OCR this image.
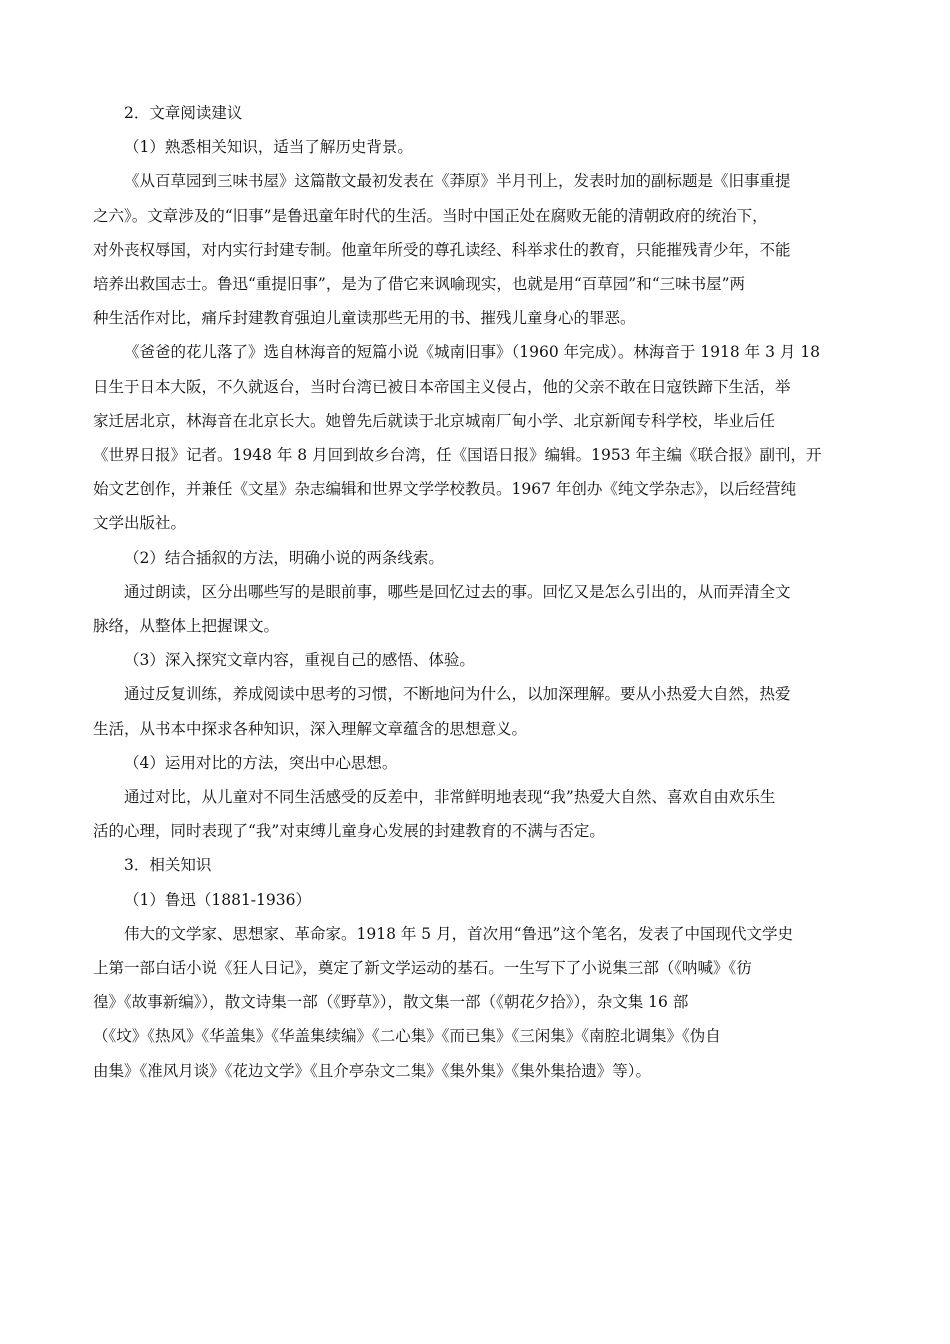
2．文章阅读建议
（1）熟悉相关知识，适当了解历史背景。
《从百草园到三味书屋》这篇散文最初发表在《莽原》半月刊上，发表时加的副标题是《旧事重提
之六》。文章涉及的“旧事”是鲁迅童年时代的生活。当时中国正处在腐败无能的清朝政府的统治下，
对外丧权辱国，对内实行封建专制。他童年所受的尊孔读经、科举求仕的教育，只能摧残青少年，不能
培养出救国志士。鲁迅“重提旧事”，是为了借它来讽喻现实，也就是用“百草园”和“三味书屋”两
种生活作对比，痛斥封建教育强迫儿童读那些无用的书、摧残儿童身心的罪恶。
《爸爸的花儿落了》选自林海音的短篇小说《城南旧事》（1960 年完成）。林海音于 1918 年 3 月 18
日生于日本大阪，不久就返台，当时台湾已被日本帝国主义侵占，他的父亲不敢在日寇铁蹄下生活，举
家迁居北京，林海音在北京长大。她曾先后就读于北京城南厂甸小学、北京新闻专科学校，毕业后任
《世界日报》记者。1948 年 8 月回到故乡台湾，任《国语日报》编辑。1953 年主编《联合报》副刊，开
始文艺创作，并兼任《文星》杂志编辑和世界文学学校教员。1967 年创办《纯文学杂志》，以后经营纯
文学出版社。
（2）结合插叙的方法，明确小说的两条线索。
通过朗读，区分出哪些写的是眼前事，哪些是回忆过去的事。回忆又是怎么引出的，从而弄清全文
脉络，从整体上把握课文。
（3）深入探究文章内容，重视自己的感悟、体验。
通过反复训练，养成阅读中思考的习惯，不断地问为什么，以加深理解。要从小热爱大自然，热爱
生活，从书本中探求各种知识，深入理解文章蕴含的思想意义。
（4）运用对比的方法，突出中心思想。
通过对比，从儿童对不同生活感受的反差中，非常鲜明地表现“我”热爱大自然、喜欢自由欢乐生
活的心理，同时表现了“我”对束缚儿童身心发展的封建教育的不满与否定。
3．相关知识
（1）鲁迅（1881-1936）
伟大的文学家、思想家、革命家。1918 年 5 月，首次用“鲁迅”这个笔名，发表了中国现代文学史
上第一部白话小说《狂人日记》，奠定了新文学运动的基石。一生写下了小说集三部（《呐喊》《彷
徨》《故事新编》），散文诗集一部（《野草》），散文集一部（《朝花夕拾》），杂文集 16 部
（《坟》《热风》《华盖集》《华盖集续编》《二心集》《而已集》《三闲集》《南腔北调集》《伪自
由集》《准风月谈》《花边文学》《且介亭杂文二集》《集外集》《集外集拾遗》等）。
